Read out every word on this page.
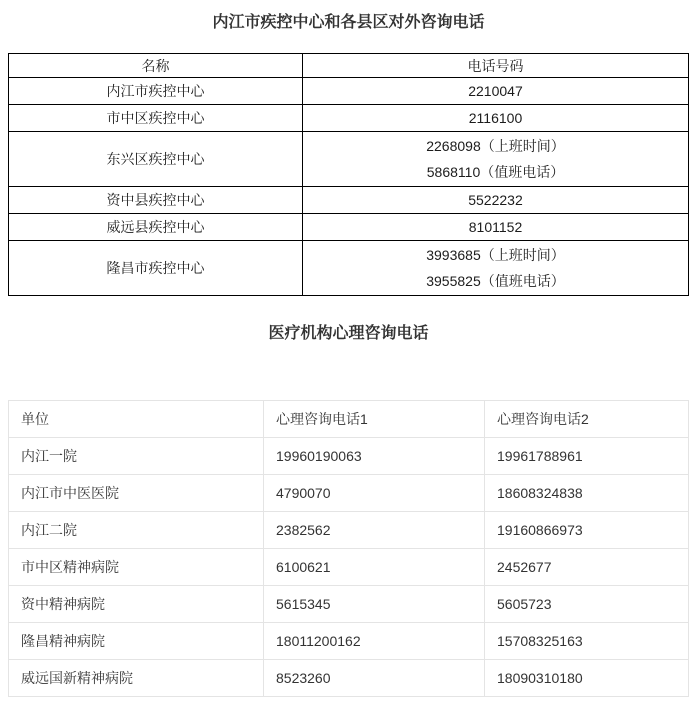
内江市疾控中心和各县区对外咨询电话
名称	电话号码
内江市疾控中心	2210047
市中区疾控中心	2116100
东兴区疾控中心	2268098（上班时间）
5868110（值班电话）

资中县疾控中心	5522232
威远县疾控中心	8101152
隆昌市疾控中心	3993685（上班时间）
3955825（值班电话）
医疗机构心理咨询电话
单位	心理咨询电话1	心理咨询电话2
内江一院	19960190063	19961788961
内江市中医医院	4790070	18608324838
内江二院	2382562	19160866973
市中区精神病院	6100621	2452677
资中精神病院	5615345	5605723
隆昌精神病院	18011200162	15708325163
威远国新精神病院	8523260	18090310180
